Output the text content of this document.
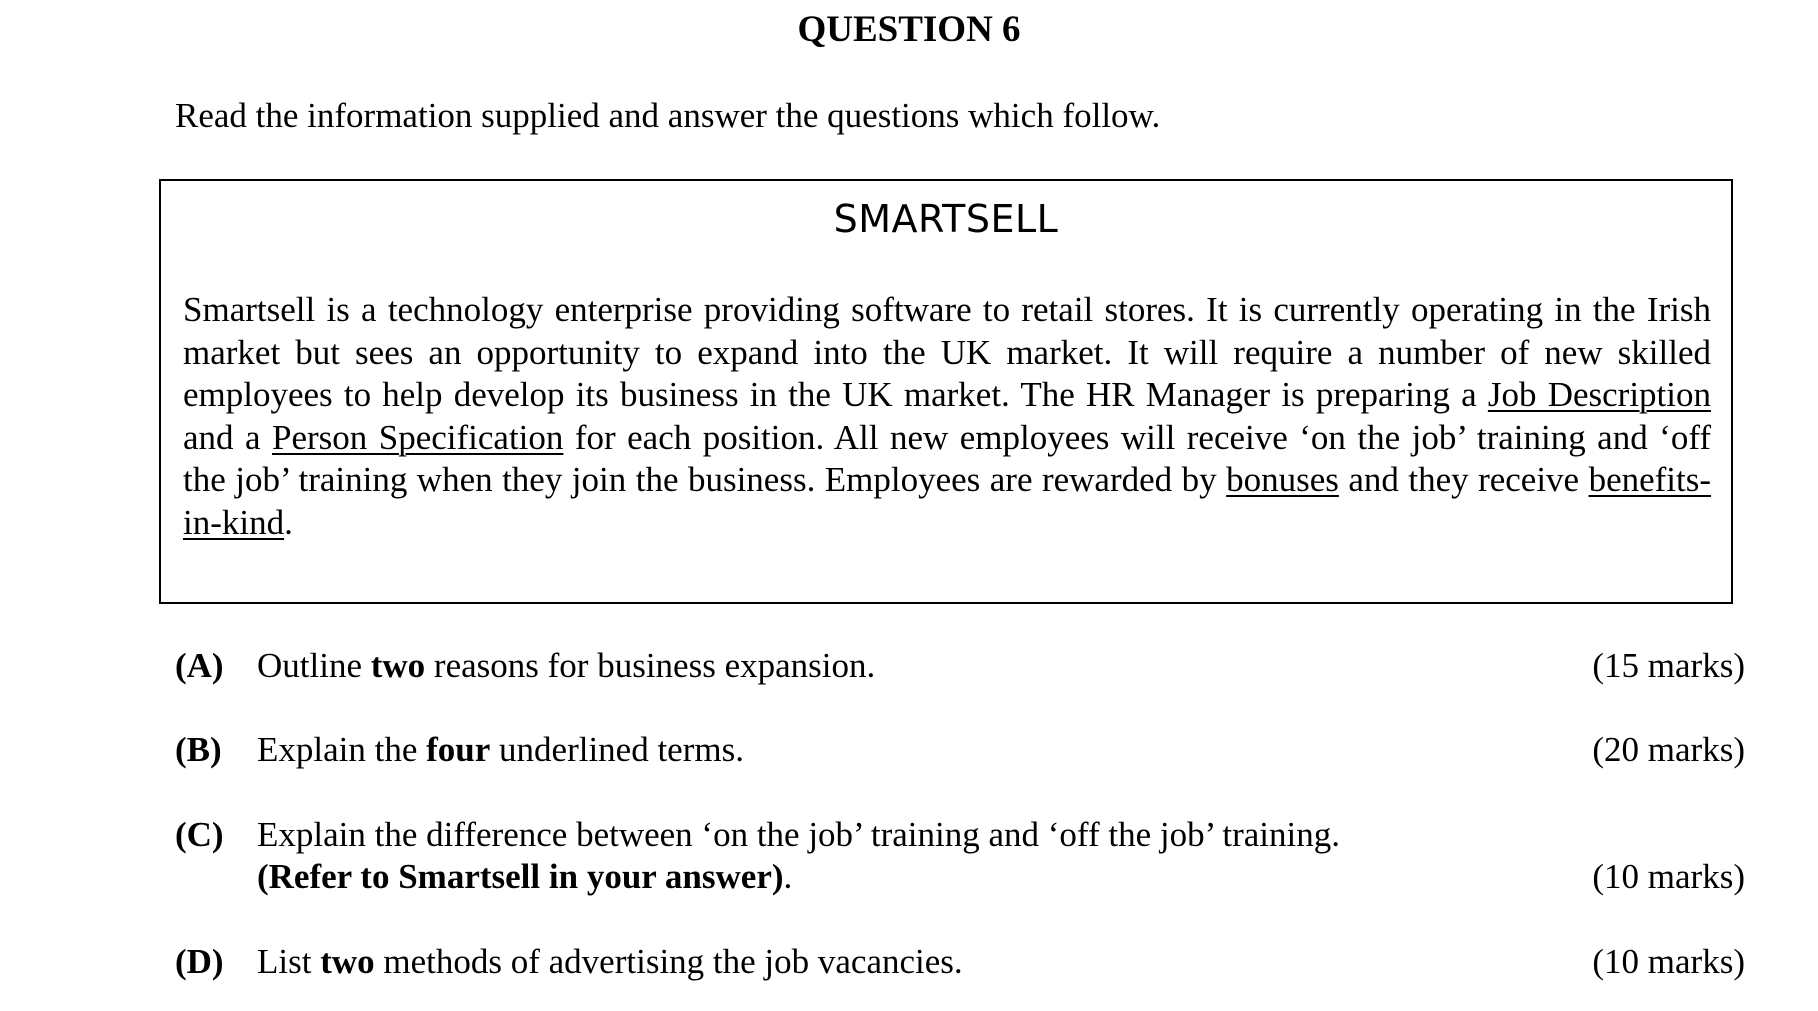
QUESTION 6
Read the information supplied and answer the questions which follow.
SMARTSELL

Smartsell is a technology enterprise providing software to retail stores. It is currently operating in the Irish market but sees an opportunity to expand into the UK market. It will require a number of new skilled employees to help develop its business in the UK market. The HR Manager is preparing a Job Description and a Person Specification for each position. All new employees will receive ‘on the job’ training and ‘off the job’ training when they join the business. Employees are rewarded by bonuses and they receive benefits-in-kind.

(A) Outline two reasons for business expansion.	(15 marks)
(B) Explain the four underlined terms.	(20 marks)
(C) Explain the difference between ‘on the job’ training and ‘off the job’ training.
(Refer to Smartsell in your answer).	(10 marks)
(D) List two methods of advertising the job vacancies.	(10 marks)
